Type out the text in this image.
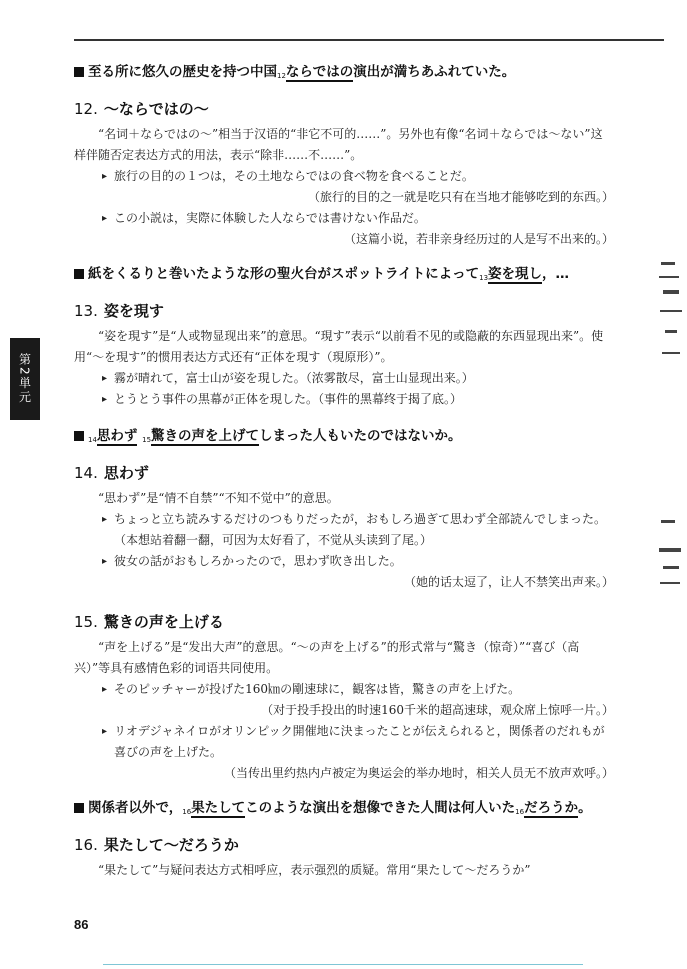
第2単元

至る所に悠久の歴史を持つ中国$_{12}$ならではの演出が満ちあふれていた。

12. ～ならではの～

“名词＋ならではの～”相当于汉语的“非它不可的……”。另外也有像“名词＋ならでは～ない”这样伴随否定表达方式的用法，表示“除非……不……”。

▸ 旅行の目的の１つは，その土地ならではの食べ物を食べることだ。

（旅行的目的之一就是吃只有在当地才能够吃到的东西。）

▸ この小説は，実際に体験した人ならでは書けない作品だ。

（这篇小说，若非亲身经历过的人是写不出来的。）

紙をくるりと巻いたような形の聖火台がスポットライトによって$_{13}$姿を現し，…

13. 姿を現す

“姿を現す”是“人或物显现出来”的意思。“現す”表示“以前看不见的或隐蔽的东西显现出来”。使用“～を現す”的惯用表达方式还有“正体を現す（現原形）”。

▸ 霧が晴れて，富士山が姿を現した。（浓雾散尽，富士山显现出来。）

▸ とうとう事件の黒幕が正体を現した。（事件的黑幕终于揭了底。）

$_{14}$思わず $_{15}$驚きの声を上げてしまった人もいたのではないか。

14. 思わず

“思わず”是“情不自禁”“不知不觉中”的意思。

▸ ちょっと立ち読みするだけのつもりだったが，おもしろ過ぎて思わず全部読んでしまった。（本想站着翻一翻，可因为太好看了，不觉从头读到了尾。）

▸ 彼女の話がおもしろかったので，思わず吹き出した。

（她的话太逗了，让人不禁笑出声来。）

15. 驚きの声を上げる

“声を上げる”是“发出大声”的意思。“～の声を上げる”的形式常与“驚き（惊奇）”“喜び（高兴）”等具有感情色彩的词语共同使用。

▸ そのピッチャーが投げた160㎞の剛速球に，観客は皆，驚きの声を上げた。

（对于投手投出的时速160千米的超高速球，观众席上惊呼一片。）

▸ リオデジャネイロがオリンピック開催地に決まったことが伝えられると，関係者のだれもが喜びの声を上げた。

（当传出里约热内卢被定为奥运会的举办地时，相关人员无不放声欢呼。）

関係者以外で，$_{16}$果たしてこのような演出を想像できた人間は何人いた$_{16}$だろうか。

16. 果たして～だろうか

“果たして”与疑问表达方式相呼应，表示强烈的质疑。常用“果たして～だろうか”

86
